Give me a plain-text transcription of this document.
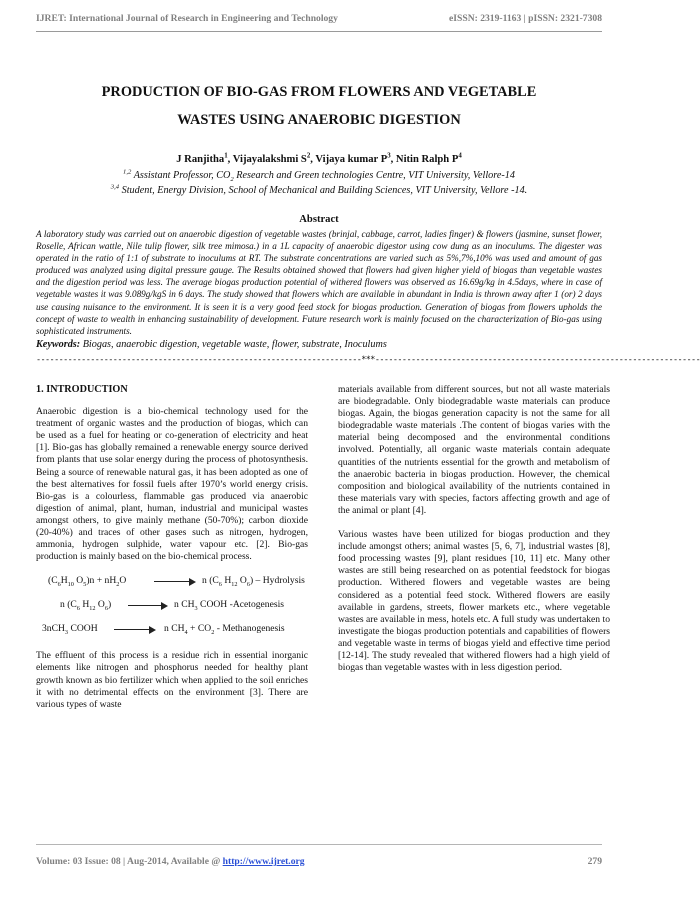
IJRET: International Journal of Research in Engineering and Technology	eISSN: 2319-1163 | pISSN: 2321-7308
PRODUCTION OF BIO-GAS FROM FLOWERS AND VEGETABLE
WASTES USING ANAEROBIC DIGESTION
J Ranjitha$^1$, Vijayalakshmi $S^2$, Vijaya kumar $P^3$, Nitin Ralph $P^4$
$^{1,2}$ Assistant Professor, $CO_2$ Research and Green technologies Centre, VIT University, Vellore-14
$^{3,4}$ Student, Energy Division, School of Mechanical and Building Sciences, VIT University, Vellore -14.
Abstract

A laboratory study was carried out on anaerobic digestion of vegetable wastes (brinjal, cabbage, carrot, ladies finger) & flowers (jasmine, sunset flower, Roselle, African wattle, Nile tulip flower, silk tree mimosa.) in a 1L capacity of anaerobic digestor using cow dung as an inoculums. The digester was operated in the ratio of 1:1 of substrate to inoculums at RT. The substrate concentrations are varied such as 5%,7%,10% was used and amount of gas produced was analyzed using digital pressure gauge. The Results obtained showed that flowers had given higher yield of biogas than vegetable wastes and the digestion period was less. The average biogas production potential of withered flowers was observed as 16.69g/kg in 4.5days, where in case of vegetable wastes it was 9.089g/kgS in 6 days. The study showed that flowers which are available in abundant in India is thrown away after 1 (or) 2 days use causing nuisance to the environment. It is seen it is a very good feed stock for biogas production. Generation of biogas from flowers upholds the concept of waste to wealth in enhancing sustainability of development. Future research work is mainly focused on the characterization of Bio-gas using sophisticated instruments.

Keywords: Biogas, anaerobic digestion, vegetable waste, flower, substrate, Inoculums
------------------------------------------------------------------------***------------------------------------------------------------------------
1. INTRODUCTION

Anaerobic digestion is a bio-chemical technology used for the treatment of organic wastes and the production of biogas, which can be used as a fuel for heating or co-generation of electricity and heat [1]. Bio-gas has globally remained a renewable energy source derived from plants that use solar energy during the process of photosynthesis. Being a source of renewable natural gas, it has been adopted as one of the best alternatives for fossil fuels after 1970’s world energy crisis. Bio-gas is a colourless, flammable gas produced via anaerobic digestion of animal, plant, human, industrial and municipal wastes amongst others, to give mainly methane (50-70%); carbon dioxide (20-40%) and traces of other gases such as nitrogen, hydrogen, ammonia, hydrogen sulphide, water vapour etc. [2]. Bio-gas production is mainly based on the bio-chemical process.

($C_6H_{10}$ $O_5)n + nH_2O$	n ($C_6$ $H_{12}$ $O_6$) – Hydrolysis
n ($C_6$ $H_{12}$ $O_6) \to n$ $CH_3$ COOH -Acetogenesis
3nCH$_3$ COOH	n $CH_4 + CO_2$ - Methanogenesis

The effluent of this process is a residue rich in essential inorganic elements like nitrogen and phosphorus needed for healthy plant growth known as bio fertilizer which when applied to the soil enriches it with no detrimental effects on the environment [3]. There are various types of waste

materials available from different sources, but not all waste materials are biodegradable. Only biodegradable waste materials can produce biogas. Again, the biogas generation capacity is not the same for all biodegradable waste materials .The content of biogas varies with the material being decomposed and the environmental conditions involved. Potentially, all organic waste materials contain adequate quantities of the nutrients essential for the growth and metabolism of the anaerobic bacteria in biogas production. However, the chemical composition and biological availability of the nutrients contained in these materials vary with species, factors affecting growth and age of the animal or plant [4].

Various wastes have been utilized for biogas production and they include amongst others; animal wastes [5, 6, 7], industrial wastes [8], food processing wastes [9], plant residues [10, 11] etc. Many other wastes are still being researched on as potential feedstock for biogas production. Withered flowers and vegetable wastes are being considered as a potential feed stock. Withered flowers are easily available in gardens, streets, flower markets etc., where vegetable wastes are available in mess, hotels etc. A full study was undertaken to investigate the biogas production potentials and capabilities of flowers and vegetable waste in terms of biogas yield and effective time period [12-14]. The study revealed that withered flowers had a high yield of biogas than vegetable wastes with in less digestion period.

Volume: 03 Issue: 08 | Aug-2014, Available @ http://www.ijret.org	279
